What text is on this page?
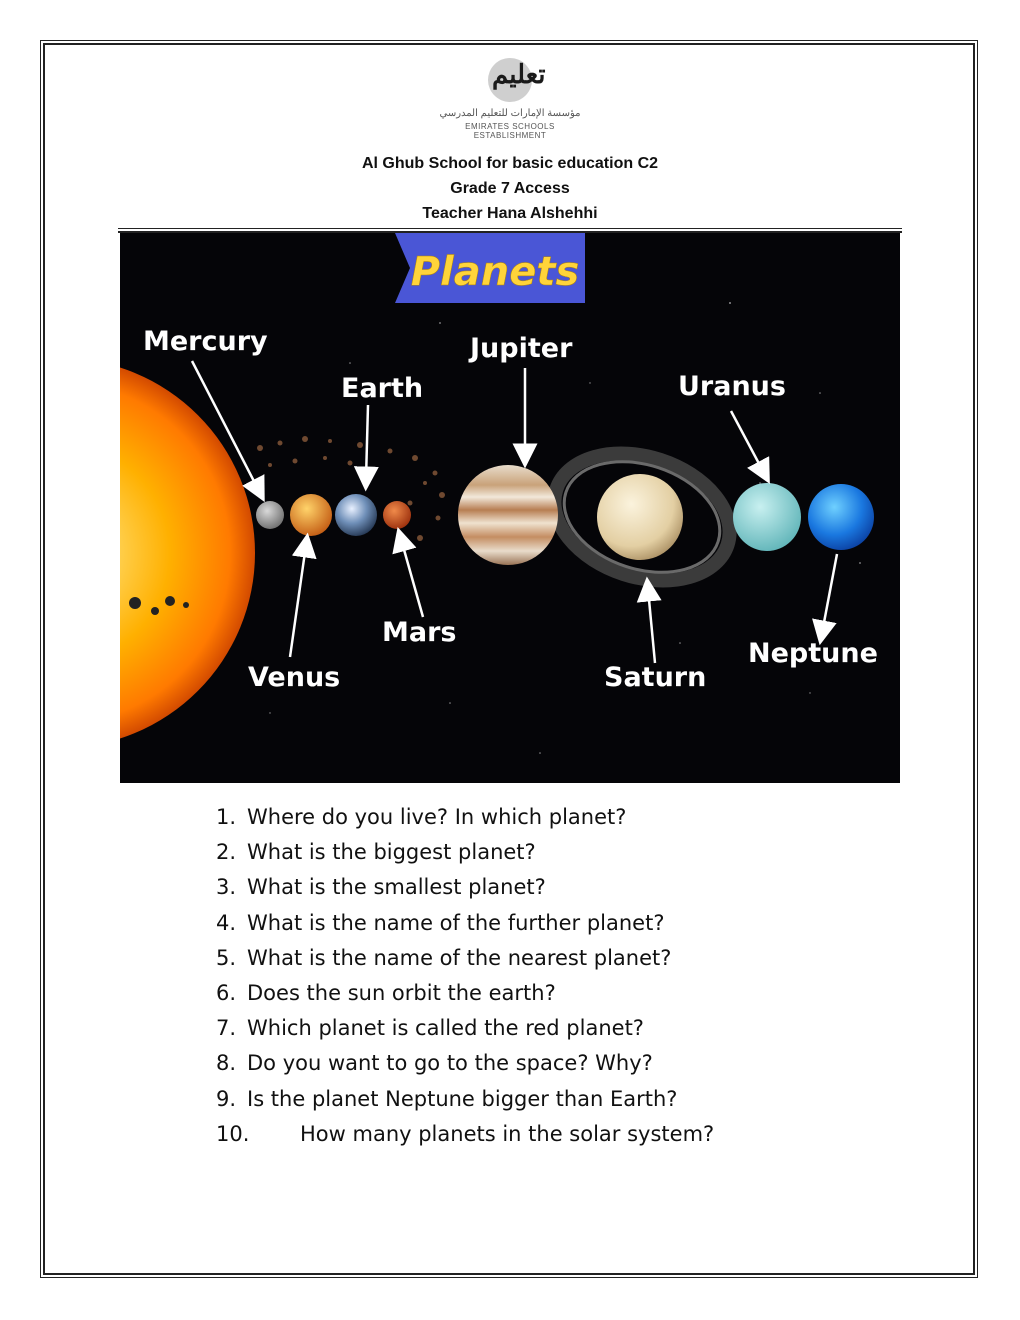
تعليم
مؤسسة الإمارات للتعليم المدرسي
EMIRATES SCHOOLS ESTABLISHMENT
Al Ghub School for basic education C2
Grade 7 Access
Teacher Hana Alshehhi
Planets
Mercury
Earth
Jupiter
Uranus
Venus
Mars
Saturn
Neptune
1. Where do you live? In which planet?
2. What is the biggest planet?
3. What is the smallest planet?
4. What is the name of the further planet?
5. What is the name of the nearest planet?
6. Does the sun orbit the earth?
7. Which planet is called the red planet?
8. Do you want to go to the space? Why?
9. Is the planet Neptune bigger than Earth?
10. How many planets in the solar system?
